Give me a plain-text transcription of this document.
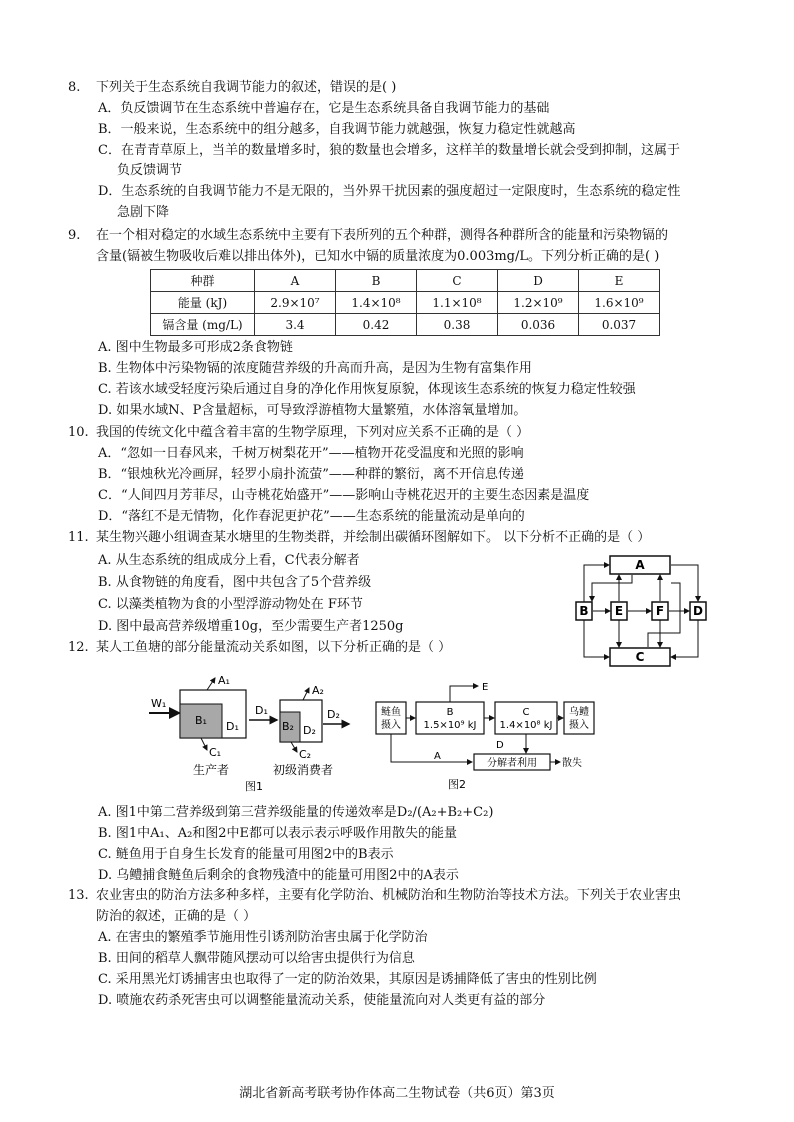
8. 下列关于生态系统自我调节能力的叙述，错误的是( )
A．负反馈调节在生态系统中普遍存在，它是生态系统具备自我调节能力的基础
B．一般来说，生态系统中的组分越多，自我调节能力就越强，恢复力稳定性就越高
C．在青青草原上，当羊的数量增多时，狼的数量也会增多，这样羊的数量增长就会受到抑制，这属于
负反馈调节
D．生态系统的自我调节能力不是无限的，当外界干扰因素的强度超过一定限度时，生态系统的稳定性
急剧下降
9. 在一个相对稳定的水域生态系统中主要有下表所列的五个种群，测得各种群所含的能量和污染物镉的
含量(镉被生物吸收后难以排出体外)，已知水中镉的质量浓度为0.003mg/L。下列分析正确的是( )
种群	A	B	C	D	E
能量 (kJ)	2.9×10⁷	1.4×10⁸	1.1×10⁸	1.2×10⁹	1.6×10⁹
镉含量 (mg/L)	3.4	0.42	0.38	0.036	0.037
A. 图中生物最多可形成2条食物链
B. 生物体中污染物镉的浓度随营养级的升高而升高，是因为生物有富集作用
C. 若该水域受轻度污染后通过自身的净化作用恢复原貌，体现该生态系统的恢复力稳定性较强
D. 如果水域N、P含量超标，可导致浮游植物大量繁殖，水体溶氧量增加。
10. 我国的传统文化中蕴含着丰富的生物学原理，下列对应关系不正确的是（ ）
A．“忽如一日春风来，千树万树梨花开”——植物开花受温度和光照的影响
B．“银烛秋光冷画屏，轻罗小扇扑流萤”——种群的繁衍，离不开信息传递
C．“人间四月芳菲尽，山寺桃花始盛开”——影响山寺桃花迟开的主要生态因素是温度
D．“落红不是无情物，化作春泥更护花”——生态系统的能量流动是单向的
11. 某生物兴趣小组调查某水塘里的生物类群，并绘制出碳循环图解如下。 以下分析不正确的是（ ）
A. 从生态系统的组成成分上看，C代表分解者
B. 从食物链的角度看，图中共包含了5个营养级
C. 以藻类植物为食的小型浮游动物处在 F环节
D. 图中最高营养级增重10g，至少需要生产者1250g
A
C
B E	F D
12. 某人工鱼塘的部分能量流动关系如图，以下分析正确的是（ ）
W₁
B₁ D₁
A₁
C₁
生产者
D₁
B₂ D₂
A₂
C₂
D₂
初级消费者
图1
鲢鱼
摄入
B
1.5×10⁹ kJ
C
1.4×10⁸ kJ
乌鳢
摄入
E
D
A
分解者利用	散失
图2
A. 图1中第二营养级到第三营养级能量的传递效率是D₂/(A₂+B₂+C₂)
B. 图1中A₁、A₂和图2中E都可以表示表示呼吸作用散失的能量
C. 鲢鱼用于自身生长发育的能量可用图2中的B表示
D. 乌鳢捕食鲢鱼后剩余的食物残渣中的能量可用图2中的A表示
13. 农业害虫的防治方法多种多样，主要有化学防治、机械防治和生物防治等技术方法。下列关于农业害虫
防治的叙述，正确的是（ ）
A. 在害虫的繁殖季节施用性引诱剂防治害虫属于化学防治
B. 田间的稻草人飘带随风摆动可以给害虫提供行为信息
C. 采用黑光灯诱捕害虫也取得了一定的防治效果，其原因是诱捕降低了害虫的性别比例
D. 喷施农药杀死害虫可以调整能量流动关系，使能量流向对人类更有益的部分
湖北省新高考联考协作体高二生物试卷（共6页）第3页
